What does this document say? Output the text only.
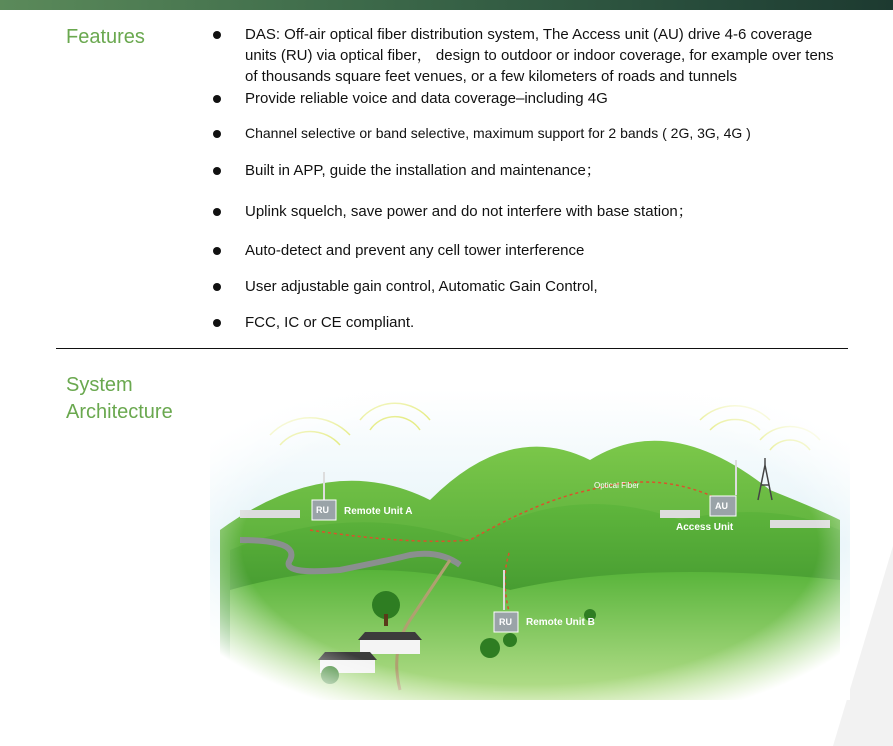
Features	DAS: Off-air optical fiber distribution system, The Access unit (AU) drive 4-6 coverage units (RU) via optical fiber， design to outdoor or indoor coverage, for example over tens of thousands square feet venues, or a few kilometers of roads and tunnels
Provide reliable voice and data coverage–including 4G
Channel selective or band selective, maximum support for 2 bands ( 2G, 3G, 4G )
Built in APP, guide the installation and maintenance；
Uplink squelch, save power and do not interfere with base station；
Auto-detect and prevent any cell tower interference
User adjustable gain control, Automatic Gain Control,
FCC, IC or CE compliant.
System Architecture
